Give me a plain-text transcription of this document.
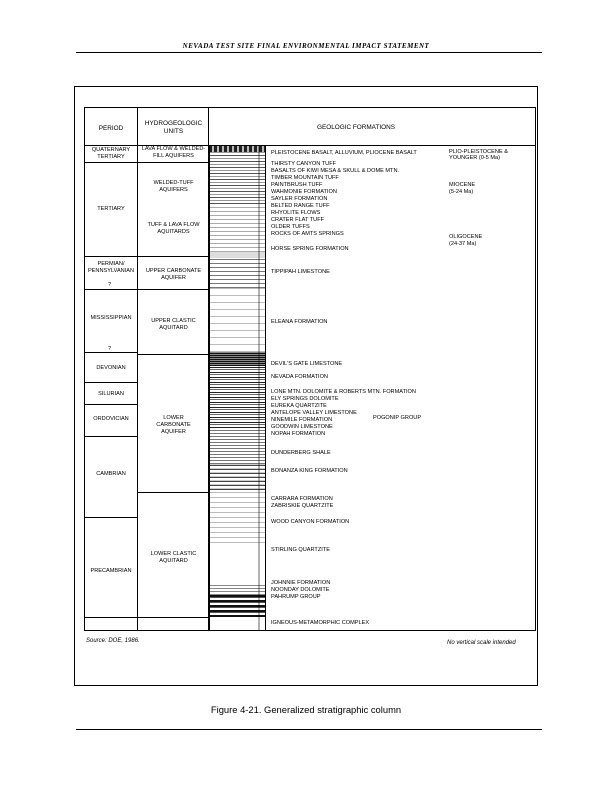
NEVADA TEST SITE FINAL ENVIRONMENTAL IMPACT STATEMENT
PERIOD
HYDROGEOLOGIC
UNITS
GEOLOGIC FORMATIONS
QUATERNARY
TERTIARY
TERTIARY
PERMIAN/
PENNSYLVANIAN
?
MISSISSIPPIAN
?
DEVONIAN
SILURIAN
ORDOVICIAN
CAMBRIAN
PRECAMBRIAN
LAVA FLOW & WELDED-
FILL AQUIFERS
WELDED-TUFF
AQUIFERS
TUFF & LAVA FLOW
AQUITARDS
UPPER CARBONATE
AQUIFER
UPPER CLASTIC
AQUITARD
LOWER
CARBONATE
AQUIFER
LOWER CLASTIC
AQUITARD
PLEISTOCENE BASALT, ALLUVIUM, PLIOCENE BASALT
THIRSTY CANYON TUFF
BASALTS OF KIWI MESA & SKULL & DOME MTN.
TIMBER MOUNTAIN TUFF
PAINTBRUSH TUFF
WAHMONIE FORMATION
SAYLER FORMATION
BELTED RANGE TUFF
RHYOLITE FLOWS
CRATER FLAT TUFF
OLDER TUFFS
ROCKS OF AMTS SPRINGS
HORSE SPRING FORMATION
TIPPIPAH LIMESTONE
ELEANA FORMATION
DEVIL'S GATE LIMESTONE
NEVADA FORMATION
LONE MTN. DOLOMITE & ROBERTS MTN. FORMATION
ELY SPRINGS DOLOMITE
EUREKA QUARTZITE
ANTELOPE VALLEY LIMESTONE
NINEMILE FORMATION
GOODWIN LIMESTONE
NOPAH FORMATION
DUNDERBERG SHALE
BONANZA KING FORMATION
CARRARA FORMATION
ZABRISKIE QUARTZITE
WOOD CANYON FORMATION
STIRLING QUARTZITE
JOHNNIE FORMATION
NOONDAY DOLOMITE
PAHRUMP GROUP
IGNEOUS-METAMORPHIC COMPLEX
POGONIP GROUP
PLIO-PLEISTOCENE &
YOUNGER (0-5 Ma)
MIOCENE
(5-24 Ma)
OLIGOCENE
(24-37 Ma)
Source: DOE, 1986.	No vertical scale intended
Figure 4-21. Generalized stratigraphic column
